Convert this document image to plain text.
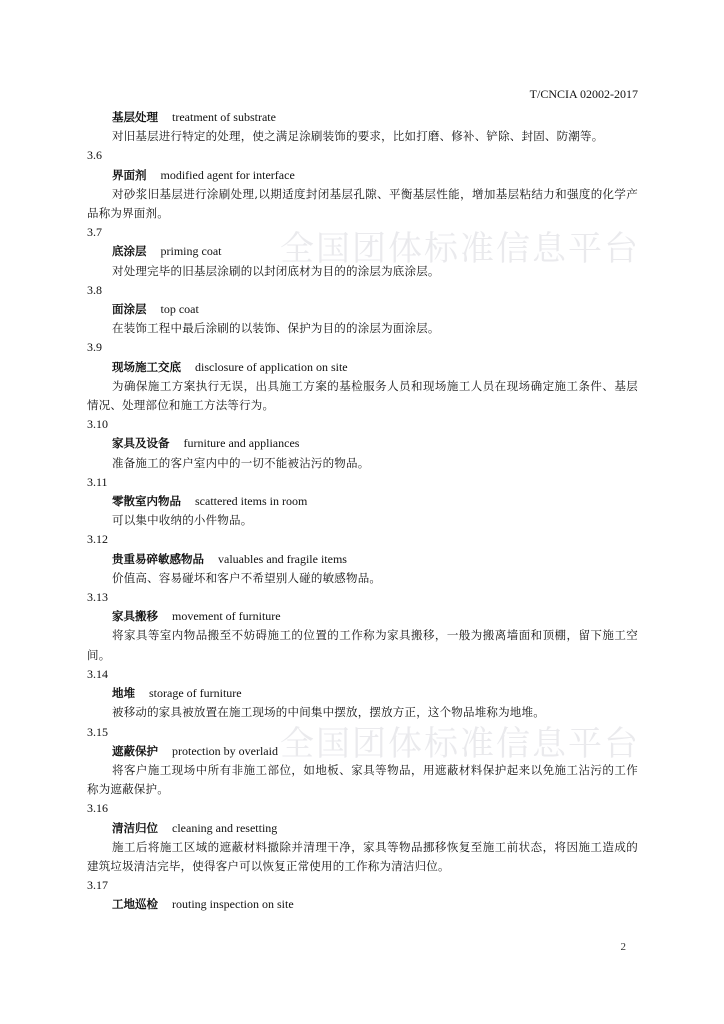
T/CNCIA 02002-2017
全国团体标准信息平台
全国团体标准信息平台
基层处理 treatment of substrate
对旧基层进行特定的处理，使之满足涂刷装饰的要求，比如打磨、修补、铲除、封固、防潮等。
3.6
界面剂 modified agent for interface
对砂浆旧基层进行涂刷处理,以期适度封闭基层孔隙、平衡基层性能，增加基层粘结力和强度的化学产品称为界面剂。
3.7
底涂层 priming coat
对处理完毕的旧基层涂刷的以封闭底材为目的的涂层为底涂层。
3.8
面涂层 top coat
在装饰工程中最后涂刷的以装饰、保护为目的的涂层为面涂层。
3.9
现场施工交底 disclosure of application on site
为确保施工方案执行无误，出具施工方案的基检服务人员和现场施工人员在现场确定施工条件、基层情况、处理部位和施工方法等行为。
3.10
家具及设备 furniture and appliances
准备施工的客户室内中的一切不能被沾污的物品。
3.11
零散室内物品 scattered items in room
可以集中收纳的小件物品。
3.12
贵重易碎敏感物品 valuables and fragile items
价值高、容易碰坏和客户不希望别人碰的敏感物品。
3.13
家具搬移 movement of furniture
将家具等室内物品搬至不妨碍施工的位置的工作称为家具搬移，一般为搬离墙面和顶棚，留下施工空间。
3.14
地堆 storage of furniture
被移动的家具被放置在施工现场的中间集中摆放，摆放方正，这个物品堆称为地堆。
3.15
遮蔽保护 protection by overlaid
将客户施工现场中所有非施工部位，如地板、家具等物品，用遮蔽材料保护起来以免施工沾污的工作称为遮蔽保护。
3.16
清洁归位 cleaning and resetting
施工后将施工区域的遮蔽材料撤除并清理干净，家具等物品挪移恢复至施工前状态，将因施工造成的建筑垃圾清洁完毕，使得客户可以恢复正常使用的工作称为清洁归位。
3.17
工地巡检 routing inspection on site
2
